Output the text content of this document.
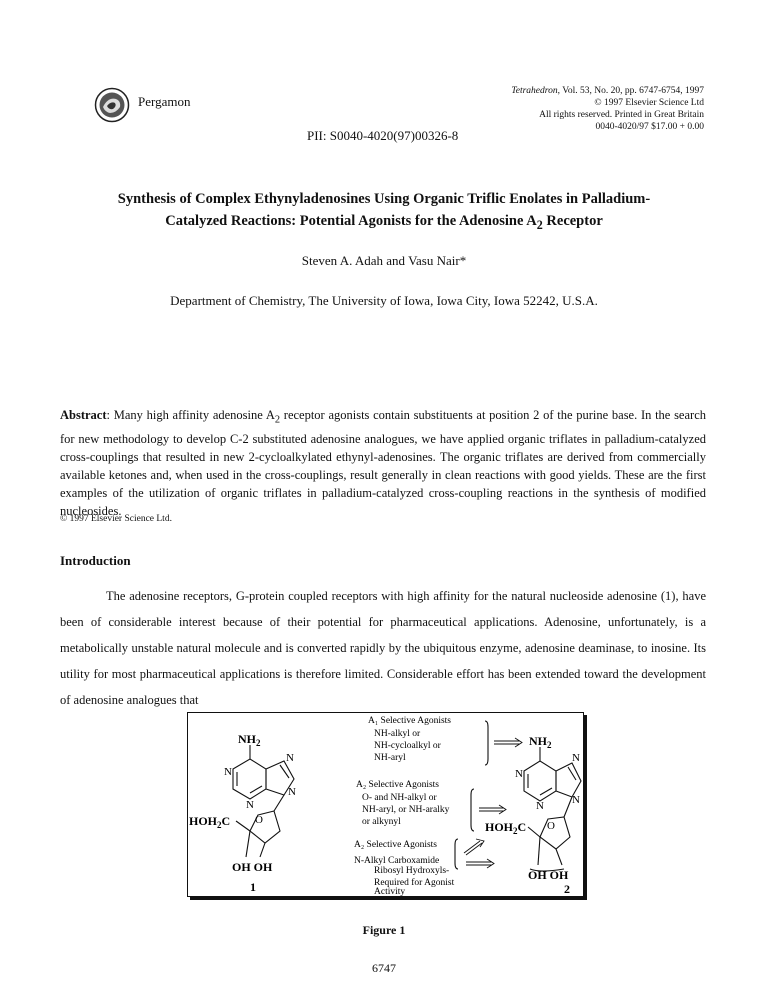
Pergamon
Tetrahedron, Vol. 53, No. 20, pp. 6747-6754, 1997
© 1997 Elsevier Science Ltd
All rights reserved. Printed in Great Britain
0040-4020/97 $17.00 + 0.00
PII: S0040-4020(97)00326-8
Synthesis of Complex Ethynyladenosines Using Organic Triflic Enolates in Palladium-
Catalyzed Reactions: Potential Agonists for the Adenosine $A_2$ Receptor
Steven A. Adah and Vasu Nair*
Department of Chemistry, The University of Iowa, Iowa City, Iowa 52242, U.S.A.
Abstract: Many high affinity adenosine $A_2$ receptor agonists contain substituents at position 2 of the purine base. In the search for new methodology to develop C-2 substituted adenosine analogues, we have applied organic triflates in palladium-catalyzed cross-couplings that resulted in new 2-cycloalkylated ethynyl-adenosines. The organic triflates are derived from commercially available ketones and, when used in the cross-couplings, result generally in clean reactions with good yields. These are the first examples of the utilization of organic triflates in palladium-catalyzed cross-coupling reactions in the synthesis of modified nucleosides.
© 1997 Elsevier Science Ltd.
Introduction
The adenosine receptors, G-protein coupled receptors with high affinity for the natural nucleoside adenosine (1), have been of considerable interest because of their potential for pharmaceutical applications. Adenosine, unfortunately, is a metabolically unstable natural molecule and is converted rapidly by the ubiquitous enzyme, adenosine deaminase, to inosine. Its utility for most pharmaceutical applications is therefore limited. Considerable effort has been extended toward the development of adenosine analogues that
$NH_2$
N
N
N
N
$HOH_2C$ O
OH OH
1
$NH_2$
N
N
N
N
$HOH_2C$ O
OH OH
2
A₁ Selective Agonists
NH-alkyl or
NH-cycloalkyl or
NH-aryl
A₂ Selective Agonists
O- and NH-alkyl or
NH-aryl, or NH-aralky
or alkynyl
A₂ Selective Agonists
N-Alkyl Carboxamide
Ribosyl Hydroxyls-
Required for Agonist
Activity
Figure 1
6747
